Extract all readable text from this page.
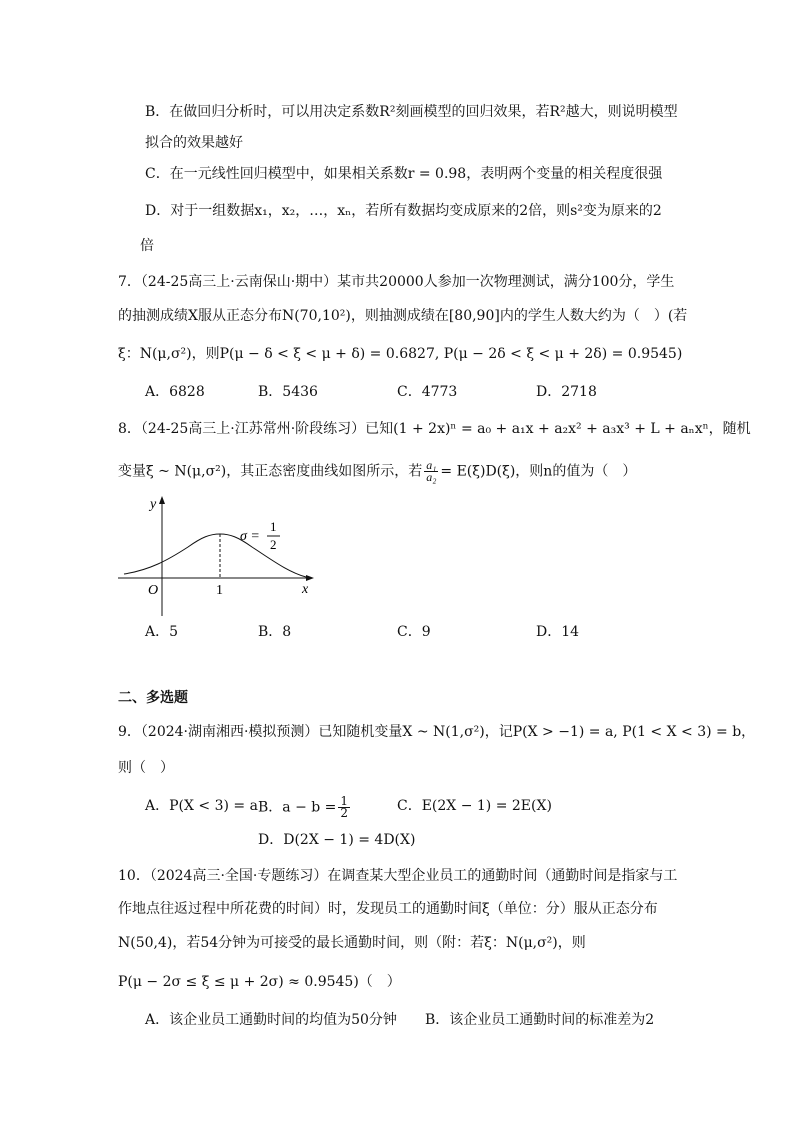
B．在做回归分析时，可以用决定系数R²刻画模型的回归效果，若R²越大，则说明模型
拟合的效果越好
C．在一元线性回归模型中，如果相关系数r = 0.98，表明两个变量的相关程度很强
D．对于一组数据x₁，x₂，…，xₙ，若所有数据均变成原来的2倍，则s²变为原来的2
倍
7．（24-25高三上·云南保山·期中）某市共20000人参加一次物理测试，满分100分，学生
的抽测成绩X服从正态分布N(70,10²)，则抽测成绩在[80,90]内的学生人数大约为（　）(若
ξ：N(μ,σ²)，则P(μ − δ < ξ < μ + δ) = 0.6827, P(μ − 2δ < ξ < μ + 2δ) = 0.9545)
A．6828	B．5436	C．4773	D．2718
8．（24-25高三上·江苏常州·阶段练习）已知(1 + 2x)ⁿ = a₀ + a₁x + a₂x² + a₃x³ + L + aₙxⁿ，随机
变量ξ ~ N(μ,σ²)，其正态密度曲线如图所示，若 $\frac{\text{a₁}}{\text{a₂}} = E(\xi)D(\xi)$，则n的值为（　）
y
x
O	1
σ =
1
2
A．5	B．8	C．9	D．14
二、多选题
9．（2024·湖南湘西·模拟预测）已知随机变量X ~ N(1,σ²)，记P(X > −1) = a, P(1 < X < 3) = b，
则（　）
A．P(X < 3) = a B．$a - b = \frac{1}{2}$	C．E(2X − 1) = 2E(X)
D．D(2X − 1) = 4D(X)
10．（2024高三·全国·专题练习）在调查某大型企业员工的通勤时间（通勤时间是指家与工
作地点往返过程中所花费的时间）时，发现员工的通勤时间ξ（单位：分）服从正态分布
N(50,4)，若54分钟为可接受的最长通勤时间，则（附：若ξ：N(μ,σ²)，则
P(μ − 2σ ≤ ξ ≤ μ + 2σ) ≈ 0.9545)（　）
A．该企业员工通勤时间的均值为50分钟 B．该企业员工通勤时间的标准差为2
